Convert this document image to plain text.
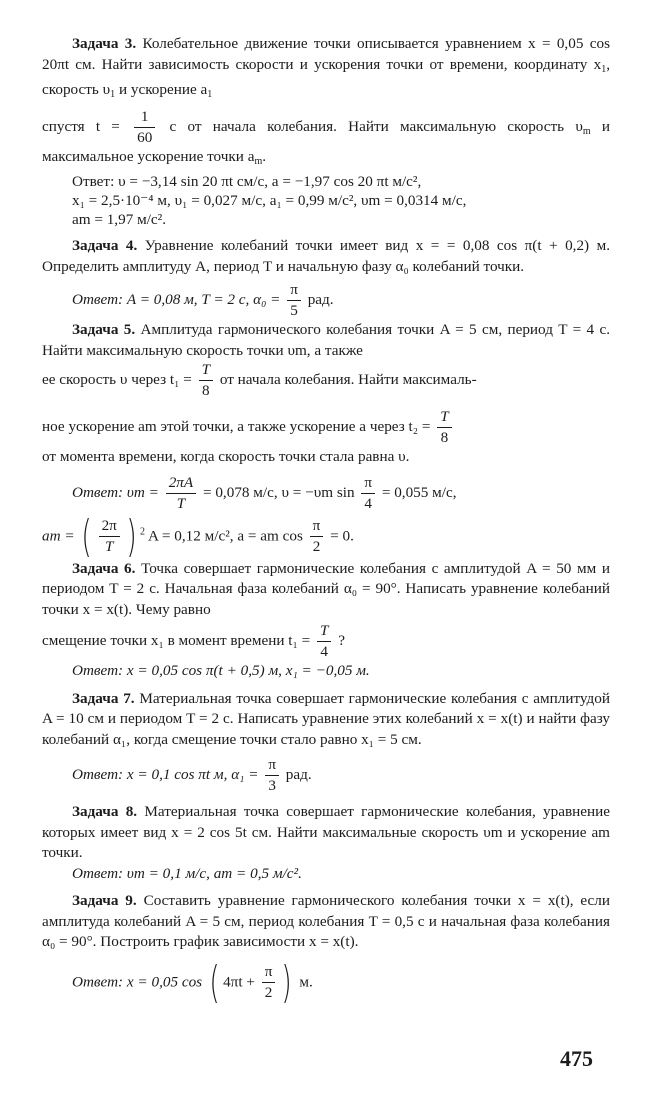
Задача 3. Колебательное движение точки описывается уравнением x = 0,05 cos 20πt см. Найти зависимость скорости и ускорения точки от времени, координату $x_1$, скорость $\upsilon_1$ и ускорение $a_1$

спустя $t = \frac{1}{60}$ с от начала колебания. Найти максимальную скорость $\upsilon_m$ и максимальное ускорение точки $a_m$.

Ответ: υ = −3,14 sin 20 πt см/с, a = −1,97 cos 20 πt м/с²,
x₁ = 2,5·10⁻⁴ м, υ₁ = 0,027 м/с, a₁ = 0,99 м/с², υm = 0,0314 м/с,
am = 1,97 м/с².

Задача 4. Уравнение колебаний точки имеет вид x = = 0,08 cos π(t + 0,2) м. Определить амплитуду A, период T и начальную фазу α₀ колебаний точки.

Ответ: A = 0,08 м, T = 2 с, $\alpha_0 = \frac{\pi}{5}$ рад.

Задача 5. Амплитуда гармонического колебания точки A = 5 см, период T = 4 с. Найти максимальную скорость точки υm, а также

ее скорость υ через $t_1 = \frac{T}{8}$ от начала колебания. Найти максималь-

ное ускорение am этой точки, а также ускорение a через $t_2 = \frac{T}{8}$
от момента времени, когда скорость точки стала равна υ.

Ответ: $\upsilon m = \frac{2\pi A}{T} = 0,078$ м/с, υ = −υm $\sin \frac{\pi}{4} = 0,055$ м/с,

am = ( $\frac{2\pi}{T}$ ) $^2$ A = 0,12 м/с², a = am $\cos \frac{\pi}{2} = 0$.

Задача 6. Точка совершает гармонические колебания с амплитудой A = 50 мм и периодом T = 2 с. Начальная фаза колебаний α₀ = 90°. Написать уравнение колебаний точки x = x(t). Чему равно

смещение точки x₁ в момент времени $t_1 = \frac{T}{4}$ ?

Ответ: x = 0,05 cos π(t + 0,5) м, x₁ = −0,05 м.

Задача 7. Материальная точка совершает гармонические колебания с амплитудой A = 10 см и периодом T = 2 с. Написать уравнение этих колебаний x = x(t) и найти фазу колебаний α₁, когда смещение точки стало равно x₁ = 5 см.

Ответ: x = 0,1 cos πt м, $\alpha_1 = \frac{\pi}{3}$ рад.

Задача 8. Материальная точка совершает гармонические колебания, уравнение которых имеет вид x = 2 cos 5t см. Найти максимальные скорость υm и ускорение am точки.

Ответ: υm = 0,1 м/с, am = 0,5 м/с².

Задача 9. Составить уравнение гармонического колебания точки x = x(t), если амплитуда колебаний A = 5 см, период колебания T = 0,5 с и начальная фаза колебания α₀ = 90°. Построить график зависимости x = x(t).

Ответ: x = 0,05 cos ( $4\pi t + \frac{\pi}{2}$ ) м.

475
